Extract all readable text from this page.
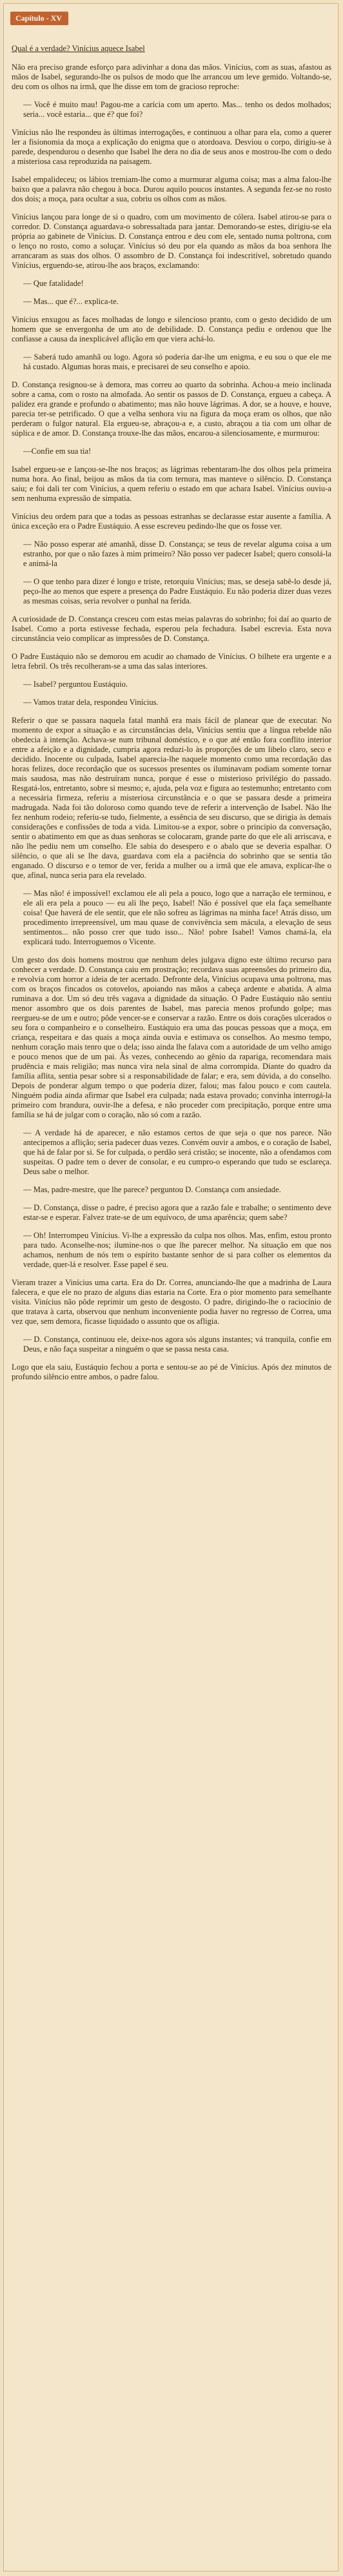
Capítulo - XV

Qual é a verdade? Vinícius aquece Isabel

Não era preciso grande esforço para adivinhar a dona das mãos. Vinícius, com as suas, afastou as mãos de Isabel, segurando-lhe os pulsos de modo que lhe arrancou um leve gemido. Voltando-se, deu com os olhos na irmã, que lhe disse em tom de gracioso reproche:

— Você é muito mau! Pagou-me a carícia com um aperto. Mas... tenho os dedos molhados; seria... você estaria... que é? que foi?

Vinícius não lhe respondeu às últimas interrogações, e continuou a olhar para ela, como a querer ler a fisionomia da moça a explicação do enigma que o atordoava. Desviou o corpo, dirigiu-se à parede, despendurou o desenho que Isabel lhe dera no dia de seus anos e mostrou-lhe com o dedo a misteriosa casa reproduzida na paisagem.

Isabel empalideceu; os lábios tremiam-lhe como a murmurar alguma coisa; mas a alma falou-lhe baixo que a palavra não chegou à boca. Durou aquilo poucos instantes. A segunda fez-se no rosto dos dois; a moça, para ocultar a sua, cobriu os olhos com as mãos.

Vinícius lançou para longe de si o quadro, com um movimento de cólera. Isabel atirou-se para o corredor. D. Constança aguardava-o sobressaltada para jantar. Demorando-se estes, dirigiu-se ela própria ao gabinete de Vinícius. D. Constança entrou e deu com ele, sentado numa poltrona, com o lenço no rosto, como a soluçar. Vinícius só deu por ela quando as mãos da boa senhora lhe arrancaram as suas dos olhos. O assombro de D. Constança foi indescritível, sobretudo quando Vinícius, erguendo-se, atirou-lhe aos braços, exclamando:

— Que fatalidade!

— Mas... que é?... explica-te.

Vinícius enxugou as faces molhadas de longo e silencioso pranto, com o gesto decidido de um homem que se envergonha de um ato de debilidade. D. Constança pediu e ordenou que lhe confiasse a causa da inexplicável aflição em que viera achá-lo.

— Saberá tudo amanhã ou logo. Agora só poderia dar-lhe um enigma, e eu sou o que ele me há custado. Algumas horas mais, e precisarei de seu conselho e apoio.

D. Constança resignou-se à demora, mas correu ao quarto da sobrinha. Achou-a meio inclinada sobre a cama, com o rosto na almofada. Ao sentir os passos de D. Constança, ergueu a cabeça. A palidez era grande e profundo o abatimento; mas não houve lágrimas. A dor, se a houve, e houve, parecia ter-se petrificado. O que a velha senhora viu na figura da moça eram os olhos, que não perderam o fulgor natural. Ela ergueu-se, abraçou-a e, a custo, abraçou a tia com um olhar de súplica e de amor. D. Constança trouxe-lhe das mãos, encarou-a silenciosamente, e murmurou:

—Confie em sua tia!

Isabel ergueu-se e lançou-se-lhe nos braços; as lágrimas rebentaram-lhe dos olhos pela primeira numa hora. Ao final, beijou as mãos da tia com ternura, mas manteve o silêncio. D. Constança saiu; e foi dali ter com Vinícius, a quem referiu o estado em que achara Isabel. Vinícius ouviu-a sem nenhuma expressão de simpatia.

Vinícius deu ordem para que a todas as pessoas estranhas se declarasse estar ausente a família. A única exceção era o Padre Eustáquio. A esse escreveu pedindo-lhe que os fosse ver.

— Não posso esperar até amanhã, disse D. Constança; se teus de revelar alguma coisa a um estranho, por que o não fazes à mim primeiro? Não posso ver padecer Isabel; quero consolá-la e animá-la

— O que tenho para dizer é longo e triste, retorquiu Vinícius; mas, se deseja sabê-lo desde já, peço-lhe ao menos que espere a presença do Padre Eustáquio. Eu não poderia dizer duas vezes as mesmas coisas, seria revolver o punhal na ferida.

A curiosidade de D. Constança cresceu com estas meias palavras do sobrinho; foi daí ao quarto de Isabel. Como a porta estivesse fechada, esperou pela fechadura. Isabel escrevia. Esta nova circunstância veio complicar as impressões de D. Constança.

O Padre Eustáquio não se demorou em acudir ao chamado de Vinícius. O bilhete era urgente e a letra febril. Os três recolheram-se a uma das salas interiores.

— Isabel? perguntou Eustáquio.

— Vamos tratar dela, respondeu Vinícius.

Referir o que se passara naquela fatal manhã era mais fácil de planear que de executar. No momento de expor a situação e as circunstâncias dela, Vinícius sentiu que a língua rebelde não obedecia à intenção. Achava-se num tribunal doméstico, e o que até então fora conflito interior entre a afeição e a dignidade, cumpria agora reduzi-lo às proporções de um libelo claro, seco e decidido. Inocente ou culpada, Isabel aparecia-lhe naquele momento como uma recordação das horas felizes, doce recordação que os sucessos presentes os iluminavam podiam somente tornar mais saudosa, mas não destruíram nunca, porque é esse o misterioso privilégio do passado. Resgatá-los, entretanto, sobre si mesmo; e, ajuda, pela voz e figura ao testemunho; entretanto com a necessária firmeza, referiu a misteriosa circunstância e o que se passara desde a primeira madrugada. Nada foi tão doloroso como quando teve de referir a intervenção de Isabel. Não lhe fez nenhum rodeio; referiu-se tudo, fielmente, a essência de seu discurso, que se dirigia às demais considerações e confissões de toda a vida. Limitou-se a expor, sobre o principio da conversação, sentir o abatimento em que as duas senhoras se colocaram, grande parte do que ele ali arriscava, e não lhe pediu nem um conselho. Ele sabia do desespero e o abalo que se deveria espalhar. O silêncio, o que ali se lhe dava, guardava com ela a paciência do sobrinho que se sentia tão enganado. O discurso e o temor de ver, ferida a mulher ou a irmã que ele amava, explicar-lhe o que, afinal, nunca seria para ela revelado.

— Mas não! é impossível! exclamou ele ali pela a pouco, logo que a narração ele terminou, e ele ali era pela a pouco — eu ali lhe peço, Isabel! Não é possível que ela faça semelhante coisa! Que haverá de ele sentir, que ele não sofreu as lágrimas na minha face! Atrás disso, um procedimento irrepreensível, um mau quase de convivência sem mácula, a elevação de seus sentimentos... não posso crer que tudo isso... Não! pobre Isabel! Vamos chamá-la, ela explicará tudo. Interroguemos o Vicente.

Um gesto dos dois homens mostrou que nenhum deles julgava digno este último recurso para conhecer a verdade. D. Constança caiu em prostração; recordava suas apreensões do primeiro dia, e revolvia com horror a ideia de ter acertado. Defronte dela, Vinícius ocupava uma poltrona, mas com os braços fincados os cotovelos, apoiando nas mãos a cabeça ardente e abatida. A alma ruminava a dor. Um só deu três vagava a dignidade da situação. O Padre Eustáquio não sentiu menor assombro que os dois parentes de Isabel, mas parecia menos profundo golpe; mas reergueu-se de um e outro; pôde vencer-se e conservar a razão. Entre os dois corações ulcerados o seu fora o companheiro e o conselheiro. Eustáquio era uma das poucas pessoas que a moça, em criança, respeitara e das quais a moça ainda ouvia e estimava os conselhos. Ao mesmo tempo, nenhum coração mais tenro que o dela; isso ainda lhe falava com a autoridade de um velho amigo e pouco menos que de um pai. Às vezes, conhecendo ao gênio da rapariga, recomendara mais prudência e mais religião; mas nunca vira nela sinal de alma corrompida. Diante do quadro da família aflita, sentia pesar sobre si a responsabilidade de falar; e era, sem dúvida, a do conselho. Depois de ponderar algum tempo o que poderia dizer, falou; mas falou pouco e com cautela. Ninguém podia ainda afirmar que Isabel era culpada; nada estava provado; convinha interrogá-la primeiro com brandura, ouvir-lhe a defesa, e não proceder com precipitação, porque entre uma família se há de julgar com o coração, não só com a razão.

— A verdade há de aparecer, e não estamos certos de que seja o que nos parece. Não antecipemos a aflição; seria padecer duas vezes. Convém ouvir a ambos, e o coração de Isabel, que há de falar por si. Se for culpada, o perdão será cristão; se inocente, não a ofendamos com suspeitas. O padre tem o dever de consolar, e eu cumpro-o esperando que tudo se esclareça. Deus sabe o melhor.

— Mas, padre-mestre, que lhe parece? perguntou D. Constança com ansiedade.

— D. Constança, disse o padre, é preciso agora que a razão fale e trabalhe; o sentimento deve estar-se e esperar. Falvez trate-se de um equívoco, de uma aparência; quem sabe?

— Oh! Interrompeu Vinícius. Vi-lhe a expressão da culpa nos olhos. Mas, enfim, estou pronto para tudo. Aconselhe-nos; ilumine-nos o que lhe parecer melhor. Na situação em que nos achamos, nenhum de nós tem o espírito bastante senhor de si para colher os elementos da verdade, quer-lá e resolver. Esse papel é seu.

Vieram trazer a Vinícius uma carta. Era do Dr. Correa, anunciando-lhe que a madrinha de Laura falecera, e que ele no prazo de alguns dias estaria na Corte. Era o pior momento para semelhante visita. Vinícius não pôde reprimir um gesto de desgosto. O padre, dirigindo-lhe o raciocínio de que tratava à carta, observou que nenhum inconveniente podia haver no regresso de Correa, uma vez que, sem demora, ficasse liquidado o assunto que os afligia.

— D. Constança, continuou ele, deixe-nos agora sós alguns instantes; vá tranquila, confie em Deus, e não faça suspeitar a ninguém o que se passa nesta casa.

Logo que ela saiu, Eustáquio fechou a porta e sentou-se ao pé de Vinícius. Após dez minutos de profundo silêncio entre ambos, o padre falou.
